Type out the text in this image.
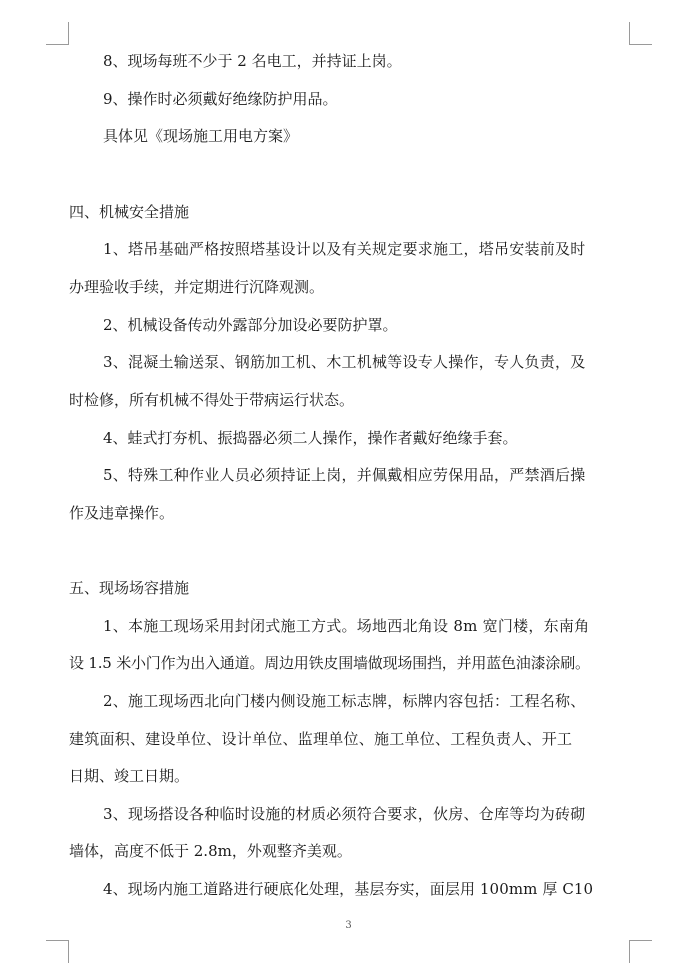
8、现场每班不少于 2 名电工，并持证上岗。
9、操作时必须戴好绝缘防护用品。
具体见《现场施工用电方案》
四、机械安全措施
1、塔吊基础严格按照塔基设计以及有关规定要求施工，塔吊安装前及时
办理验收手续，并定期进行沉降观测。
2、机械设备传动外露部分加设必要防护罩。
3、混凝土输送泵、钢筋加工机、木工机械等设专人操作，专人负责，及
时检修，所有机械不得处于带病运行状态。
4、蛙式打夯机、振捣器必须二人操作，操作者戴好绝缘手套。
5、特殊工种作业人员必须持证上岗，并佩戴相应劳保用品，严禁酒后操
作及违章操作。
五、现场场容措施
1、本施工现场采用封闭式施工方式。场地西北角设 8m 宽门楼，东南角
设 1.5 米小门作为出入通道。周边用铁皮围墙做现场围挡，并用蓝色油漆涂刷。
2、施工现场西北向门楼内侧设施工标志牌，标牌内容包括：工程名称、
建筑面积、建设单位、设计单位、监理单位、施工单位、工程负责人、开工
日期、竣工日期。
3、现场搭设各种临时设施的材质必须符合要求，伙房、仓库等均为砖砌
墙体，高度不低于 2.8m，外观整齐美观。
4、现场内施工道路进行硬底化处理，基层夯实，面层用 100mm 厚 C10
3
